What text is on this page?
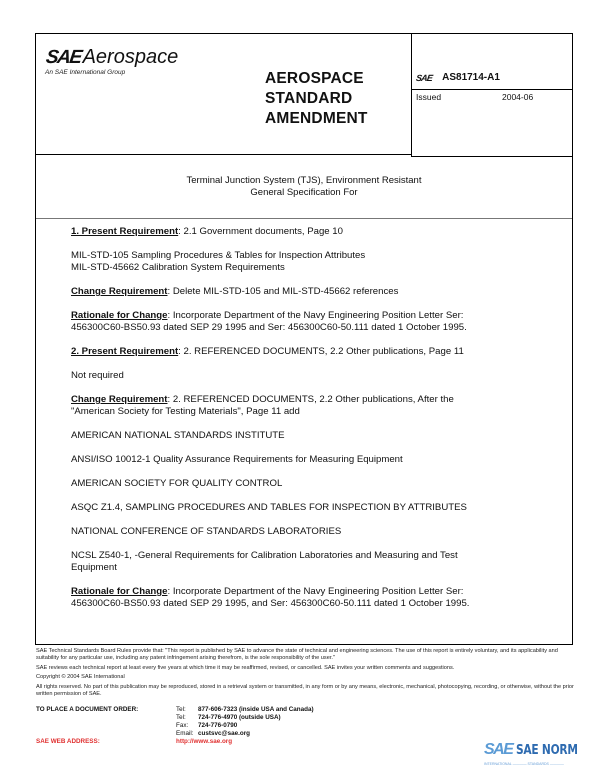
SAE Aerospace
An SAE International Group	AEROSPACE
STANDARD
AMENDMENT
SAE AS81714-A1
Issued	2004-06
Terminal Junction System (TJS), Environment Resistant
General Specification For

1. Present Requirement: 2.1 Government documents, Page 10

MIL-STD-105 Sampling Procedures & Tables for Inspection Attributes
MIL-STD-45662 Calibration System Requirements

Change Requirement: Delete MIL-STD-105 and MIL-STD-45662 references

Rationale for Change: Incorporate Department of the Navy Engineering Position Letter Ser:
456300C60-BS50.93 dated SEP 29 1995 and Ser: 456300C60-50.111 dated 1 October 1995.

2. Present Requirement: 2. REFERENCED DOCUMENTS, 2.2 Other publications, Page 11

Not required

Change Requirement: 2. REFERENCED DOCUMENTS, 2.2 Other publications, After the
"American Society for Testing Materials", Page 11 add

AMERICAN NATIONAL STANDARDS INSTITUTE

ANSI/ISO 10012-1 Quality Assurance Requirements for Measuring Equipment

AMERICAN SOCIETY FOR QUALITY CONTROL

ASQC Z1.4, SAMPLING PROCEDURES AND TABLES FOR INSPECTION BY ATTRIBUTES

NATIONAL CONFERENCE OF STANDARDS LABORATORIES

NCSL Z540-1, -General Requirements for Calibration Laboratories and Measuring and Test
Equipment

Rationale for Change: Incorporate Department of the Navy Engineering Position Letter Ser:
456300C60-BS50.93 dated SEP 29 1995, and Ser: 456300C60-50.111 dated 1 October 1995.

SAE Technical Standards Board Rules provide that: "This report is published by SAE to advance the state of technical and engineering sciences. The use of this report is entirely voluntary, and its applicability and suitability for any particular use, including any patent infringement arising therefrom, is the sole responsibility of the user."

SAE reviews each technical report at least every five years at which time it may be reaffirmed, revised, or cancelled. SAE invites your written comments and suggestions.

Copyright © 2004 SAE International

All rights reserved. No part of this publication may be reproduced, stored in a retrieval system or transmitted, in any form or by any means, electronic, mechanical, photocopying, recording, or otherwise, without the prior written permission of SAE.

TO PLACE A DOCUMENT ORDER:	Tel:	877-606-7323 (inside USA and Canada)
Tel:	724-776-4970 (outside USA)
Fax:	724-776-0790
Email: custsvc@sae.org
SAE WEB ADDRESS:	http://www.sae.org	SAE SAE NORM
INTERNATIONAL ———— STANDARDS ————
